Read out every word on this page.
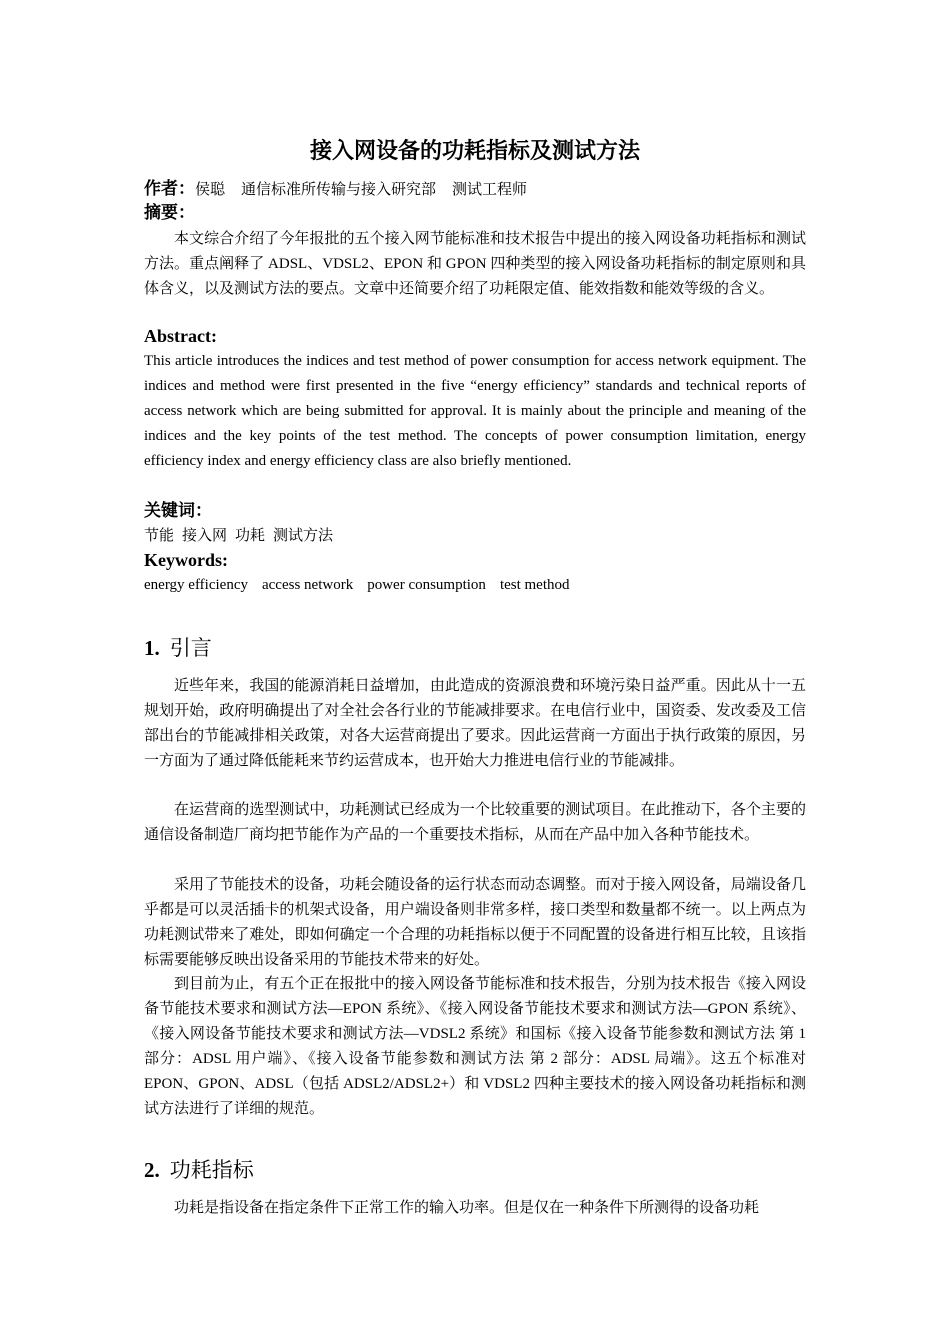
接入网设备的功耗指标及测试方法
作者：侯聪 通信标准所传输与接入研究部 测试工程师
摘要：
本文综合介绍了今年报批的五个接入网节能标准和技术报告中提出的接入网设备功耗指标和测试方法。重点阐释了 ADSL、VDSL2、EPON 和 GPON 四种类型的接入网设备功耗指标的制定原则和具体含义，以及测试方法的要点。文章中还简要介绍了功耗限定值、能效指数和能效等级的含义。
Abstract:
This article introduces the indices and test method of power consumption for access network equipment. The indices and method were first presented in the five “energy efficiency” standards and technical reports of access network which are being submitted for approval. It is mainly about the principle and meaning of the indices and the key points of the test method. The concepts of power consumption limitation, energy efficiency index and energy efficiency class are also briefly mentioned.
关键词：
节能 接入网 功耗 测试方法
Keywords:
energy efficiency access network power consumption test method
1. 引言
近些年来，我国的能源消耗日益增加，由此造成的资源浪费和环境污染日益严重。因此从十一五规划开始，政府明确提出了对全社会各行业的节能减排要求。在电信行业中，国资委、发改委及工信部出台的节能减排相关政策，对各大运营商提出了要求。因此运营商一方面出于执行政策的原因，另一方面为了通过降低能耗来节约运营成本，也开始大力推进电信行业的节能减排。
在运营商的选型测试中，功耗测试已经成为一个比较重要的测试项目。在此推动下，各个主要的通信设备制造厂商均把节能作为产品的一个重要技术指标，从而在产品中加入各种节能技术。
采用了节能技术的设备，功耗会随设备的运行状态而动态调整。而对于接入网设备，局端设备几乎都是可以灵活插卡的机架式设备，用户端设备则非常多样，接口类型和数量都不统一。以上两点为功耗测试带来了难处，即如何确定一个合理的功耗指标以便于不同配置的设备进行相互比较，且该指标需要能够反映出设备采用的节能技术带来的好处。
到目前为止，有五个正在报批中的接入网设备节能标准和技术报告，分别为技术报告《接入网设备节能技术要求和测试方法—EPON 系统》、《接入网设备节能技术要求和测试方法—GPON 系统》、《接入网设备节能技术要求和测试方法—VDSL2 系统》和国标《接入设备节能参数和测试方法 第 1 部分：ADSL 用户端》、《接入设备节能参数和测试方法 第 2 部分：ADSL 局端》。这五个标准对 EPON、GPON、ADSL（包括 ADSL2/ADSL2+）和 VDSL2 四种主要技术的接入网设备功耗指标和测试方法进行了详细的规范。
2. 功耗指标
功耗是指设备在指定条件下正常工作的输入功率。但是仅在一种条件下所测得的设备功耗
